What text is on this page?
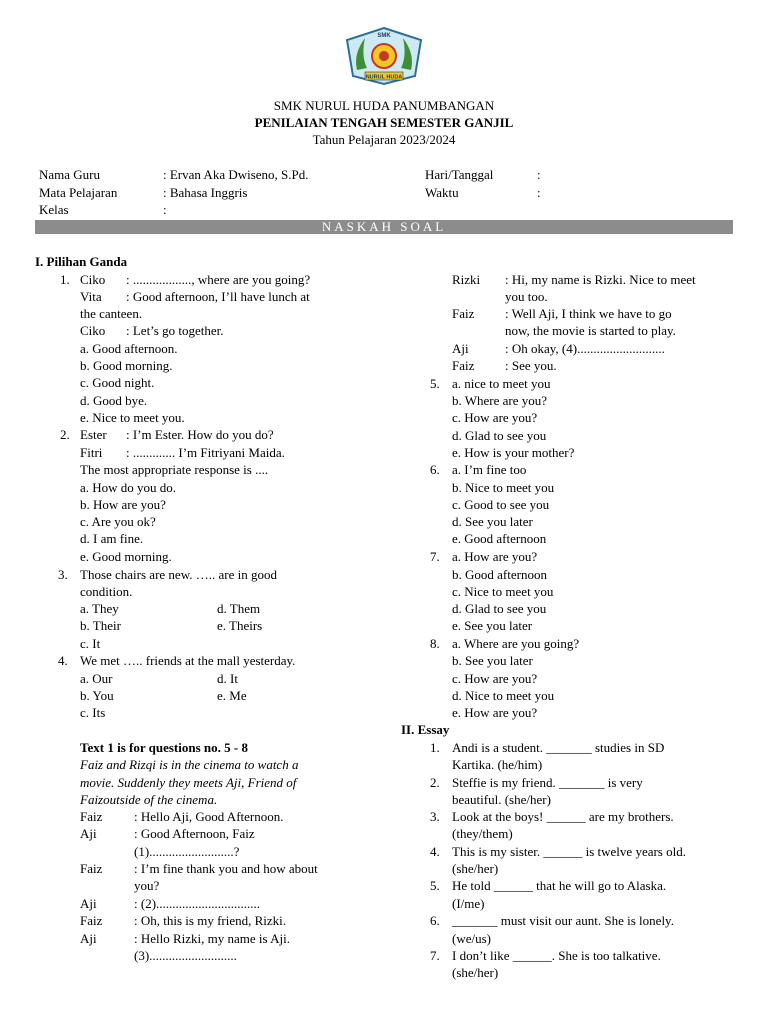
SMK
NURUL HUDA
SMK NURUL HUDA PANUMBANGAN
PENILAIAN TENGAH SEMESTER GANJIL
Tahun Pelajaran 2023/2024
Nama Guru	: Ervan Aka Dwiseno, S.Pd.	Hari/Tanggal	:
Mata Pelajaran	: Bahasa Inggris	Waktu	:
Kelas	:
NASKAH SOAL
I. Pilihan Ganda
1. Ciko : .................., where are you going?
Vita : Good afternoon, I’ll have lunch at
the canteen.
Ciko : Let’s go together.
a. Good afternoon.
b. Good morning.
c. Good night.
d. Good bye.
e. Nice to meet you.
2. Ester : I’m Ester. How do you do?
Fitri : ............. I’m Fitriyani Maida.
The most appropriate response is ....
a. How do you do.
b. How are you?
c. Are you ok?
d. I am fine.
e. Good morning.
3. Those chairs are new. ….. are in good
condition.
a. They	d. Them
b. Their	e. Theirs
c. It
4. We met ….. friends at the mall yesterday.
a. Our	d. It
b. You	e. Me
c. Its
Text 1 is for questions no. 5 - 8
Faiz and Rizqi is in the cinema to watch a
movie. Suddenly they meets Aji, Friend of
Faizoutside of the cinema.
Faiz : Hello Aji, Good Afternoon.
Aji	: Good Afternoon, Faiz
(1)..........................?
Faiz : I’m fine thank you and how about
you?
Aji	: (2)................................
Faiz : Oh, this is my friend, Rizki.
Aji	: Hello Rizki, my name is Aji.
(3)...........................
Rizki : Hi, my name is Rizki. Nice to meet
you too.
Faiz : Well Aji, I think we have to go
now, the movie is started to play.
Aji	: Oh okay, (4)...........................
Faiz : See you.
5. a. nice to meet you
b. Where are you?
c. How are you?
d. Glad to see you
e. How is your mother?
6. a. I’m fine too
b. Nice to meet you
c. Good to see you
d. See you later
e. Good afternoon
7. a. How are you?
b. Good afternoon
c. Nice to meet you
d. Glad to see you
e. See you later
8. a. Where are you going?
b. See you later
c. How are you?
d. Nice to meet you
e. How are you?
II. Essay
1. Andi is a student. _______ studies in SD
Kartika. (he/him)
2. Steffie is my friend. _______ is very
beautiful. (she/her)
3. Look at the boys! ______ are my brothers.
(they/them)
4. This is my sister. ______ is twelve years old.
(she/her)
5. He told ______ that he will go to Alaska.
(I/me)
6. _______ must visit our aunt. She is lonely.
(we/us)
7. I don’t like ______. She is too talkative.
(she/her)
